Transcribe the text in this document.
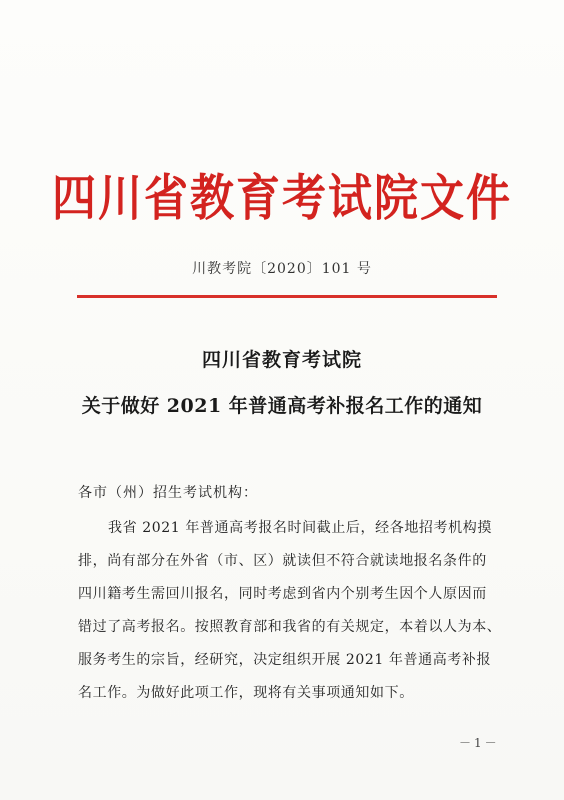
四川省教育考试院文件
川教考院〔2020〕101 号
四川省教育考试院
关于做好 2021 年普通高考补报名工作的通知
各市（州）招生考试机构：
我省 2021 年普通高考报名时间截止后，经各地招考机构摸
排，尚有部分在外省（市、区）就读但不符合就读地报名条件的
四川籍考生需回川报名，同时考虑到省内个别考生因个人原因而
错过了高考报名。按照教育部和我省的有关规定，本着以人为本、
服务考生的宗旨，经研究，决定组织开展 2021 年普通高考补报
名工作。为做好此项工作，现将有关事项通知如下。
－1－
